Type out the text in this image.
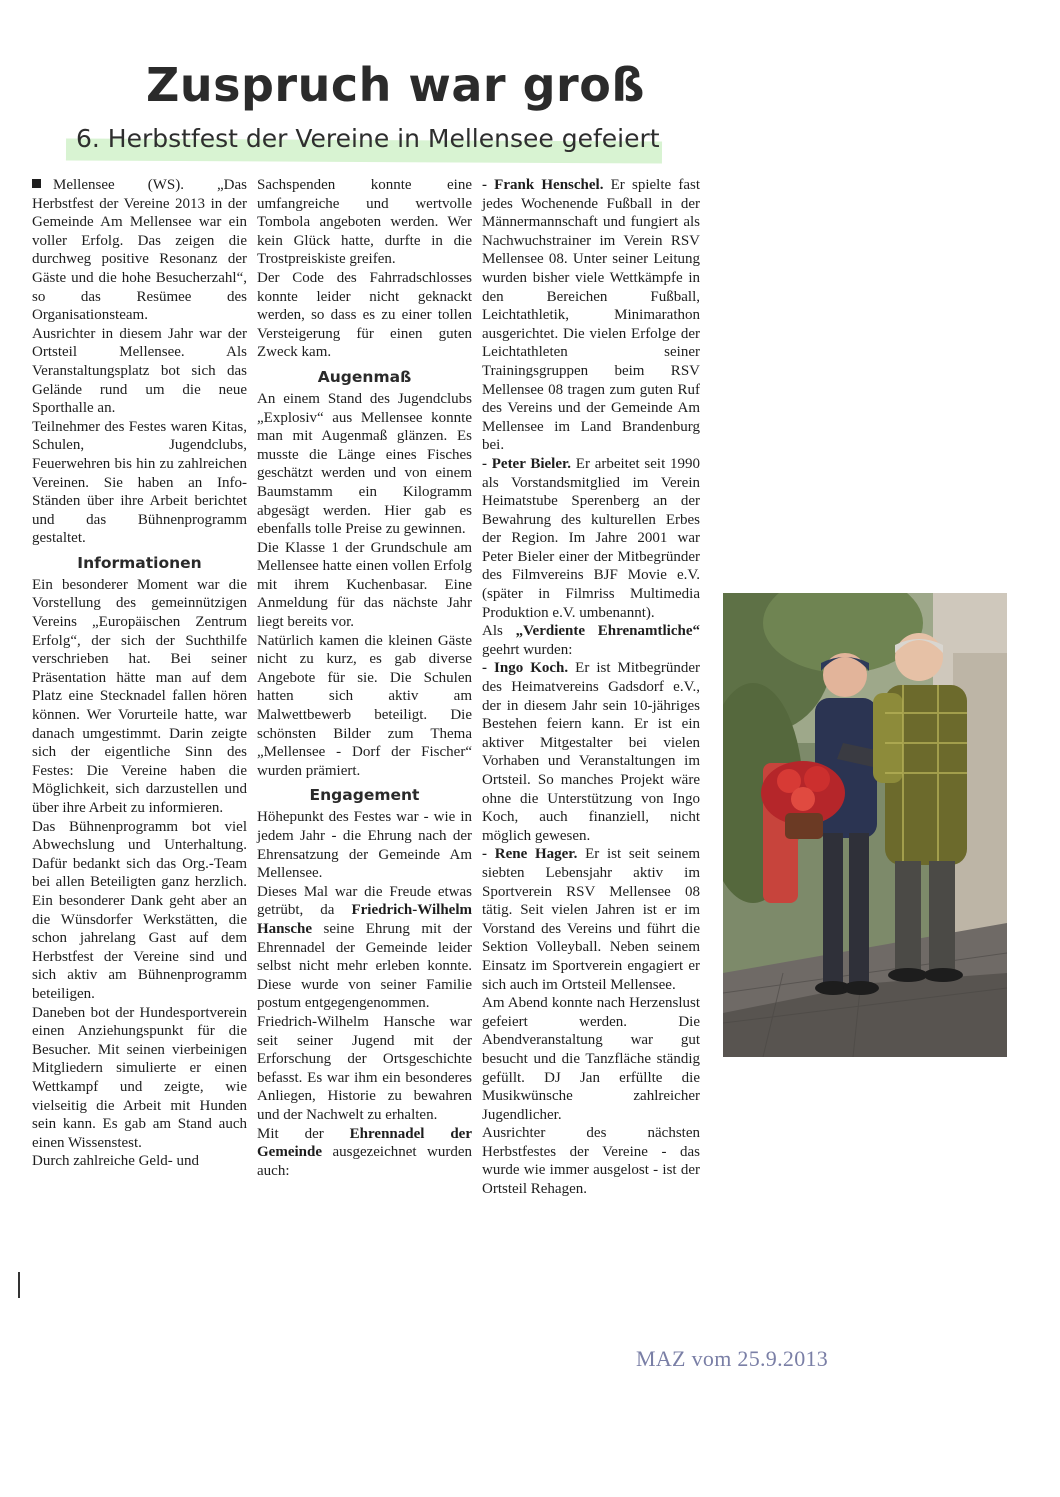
Zuspruch war groß
6. Herbstfest der Vereine in Mellensee gefeiert

Mellensee (WS). „Das Herbstfest der Vereine 2013 in der Gemeinde Am Mellensee war ein voller Erfolg. Das zeigen die durchweg positive Resonanz der Gäste und die hohe Besucherzahl“, so das Resümee des Organisationsteam.

Ausrichter in diesem Jahr war der Ortsteil Mellensee. Als Veranstaltungsplatz bot sich das Gelände rund um die neue Sporthalle an.

Teilnehmer des Festes waren Kitas, Schulen, Jugendclubs, Feuerwehren bis hin zu zahlreichen Vereinen. Sie haben an Info-Ständen über ihre Arbeit berichtet und das Bühnenprogramm gestaltet.

Informationen

Ein besonderer Moment war die Vorstellung des gemeinnützigen Vereins „Europäischen Zentrum Erfolg“, der sich der Suchthilfe verschrieben hat. Bei seiner Präsentation hätte man auf dem Platz eine Stecknadel fallen hören können. Wer Vorurteile hatte, war danach umgestimmt. Darin zeigte sich der eigentliche Sinn des Festes: Die Vereine haben die Möglichkeit, sich darzustellen und über ihre Arbeit zu informieren.

Das Bühnenprogramm bot viel Abwechslung und Unterhaltung. Dafür bedankt sich das Org.-Team bei allen Beteiligten ganz herzlich. Ein besonderer Dank geht aber an die Wünsdorfer Werkstätten, die schon jahrelang Gast auf dem Herbstfest der Vereine sind und sich aktiv am Bühnenprogramm beteiligen.

Daneben bot der Hundesportverein einen Anziehungspunkt für die Besucher. Mit seinen vierbeinigen Mitgliedern simulierte er einen Wettkampf und zeigte, wie vielseitig die Arbeit mit Hunden sein kann. Es gab am Stand auch einen Wissenstest.

Durch zahlreiche Geld- und

Sachspenden konnte eine umfangreiche und wertvolle Tombola angeboten werden. Wer kein Glück hatte, durfte in die Trostpreiskiste greifen.

Der Code des Fahrradschlosses konnte leider nicht geknackt werden, so dass es zu einer tollen Versteigerung für einen guten Zweck kam.

Augenmaß

An einem Stand des Jugendclubs „Explosiv“ aus Mellensee konnte man mit Augenmaß glänzen. Es musste die Länge eines Fisches geschätzt werden und von einem Baumstamm ein Kilogramm abgesägt werden. Hier gab es ebenfalls tolle Preise zu gewinnen.

Die Klasse 1 der Grundschule am Mellensee hatte einen vollen Erfolg mit ihrem Kuchenbasar. Eine Anmeldung für das nächste Jahr liegt bereits vor.

Natürlich kamen die kleinen Gäste nicht zu kurz, es gab diverse Angebote für sie. Die Schulen hatten sich aktiv am Malwettbewerb beteiligt. Die schönsten Bilder zum Thema „Mellensee - Dorf der Fischer“ wurden prämiert.

Engagement

Höhepunkt des Festes war - wie in jedem Jahr - die Ehrung nach der Ehrensatzung der Gemeinde Am Mellensee.

Dieses Mal war die Freude etwas getrübt, da Friedrich-Wilhelm Hansche seine Ehrung mit der Ehrennadel der Gemeinde leider selbst nicht mehr erleben konnte. Diese wurde von seiner Familie postum entgegengenommen.

Friedrich-Wilhelm Hansche war seit seiner Jugend mit der Erforschung der Ortsgeschichte befasst. Es war ihm ein besonderes Anliegen, Historie zu bewahren und der Nachwelt zu erhalten.

Mit der Ehrennadel der Gemeinde ausgezeichnet wurden auch:

- Frank Henschel. Er spielte fast jedes Wochenende Fußball in der Männermannschaft und fungiert als Nachwuchstrainer im Verein RSV Mellensee 08. Unter seiner Leitung wurden bisher viele Wettkämpfe in den Bereichen Fußball, Leichtathletik, Minimarathon ausgerichtet. Die vielen Erfolge der Leichtathleten seiner Trainingsgruppen beim RSV Mellensee 08 tragen zum guten Ruf des Vereins und der Gemeinde Am Mellensee im Land Brandenburg bei.

- Peter Bieler. Er arbeitet seit 1990 als Vorstandsmitglied im Verein Heimatstube Sperenberg an der Bewahrung des kulturellen Erbes der Region. Im Jahre 2001 war Peter Bieler einer der Mitbegründer des Filmvereins BJF Movie e.V. (später in Filmriss Multimedia Produktion e.V. umbenannt).

Als „Verdiente Ehrenamtliche“ geehrt wurden:

- Ingo Koch. Er ist Mitbegründer des Heimatvereins Gadsdorf e.V., der in diesem Jahr sein 10-jähriges Bestehen feiern kann. Er ist ein aktiver Mitgestalter bei vielen Vorhaben und Veranstaltungen im Ortsteil. So manches Projekt wäre ohne die Unterstützung von Ingo Koch, auch finanziell, nicht möglich gewesen.

- Rene Hager. Er ist seit seinem siebten Lebensjahr aktiv im Sportverein RSV Mellensee 08 tätig. Seit vielen Jahren ist er im Vorstand des Vereins und führt die Sektion Volleyball. Neben seinem Einsatz im Sportverein engagiert er sich auch im Ortsteil Mellensee.

Am Abend konnte nach Herzenslust gefeiert werden. Die Abendveranstaltung war gut besucht und die Tanzfläche ständig gefüllt. DJ Jan erfüllte die Musikwünsche zahlreicher Jugendlicher.

Ausrichter des nächsten Herbstfestes der Vereine - das wurde wie immer ausgelost - ist der Ortsteil Rehagen.

MAZ vom 25.9.2013
